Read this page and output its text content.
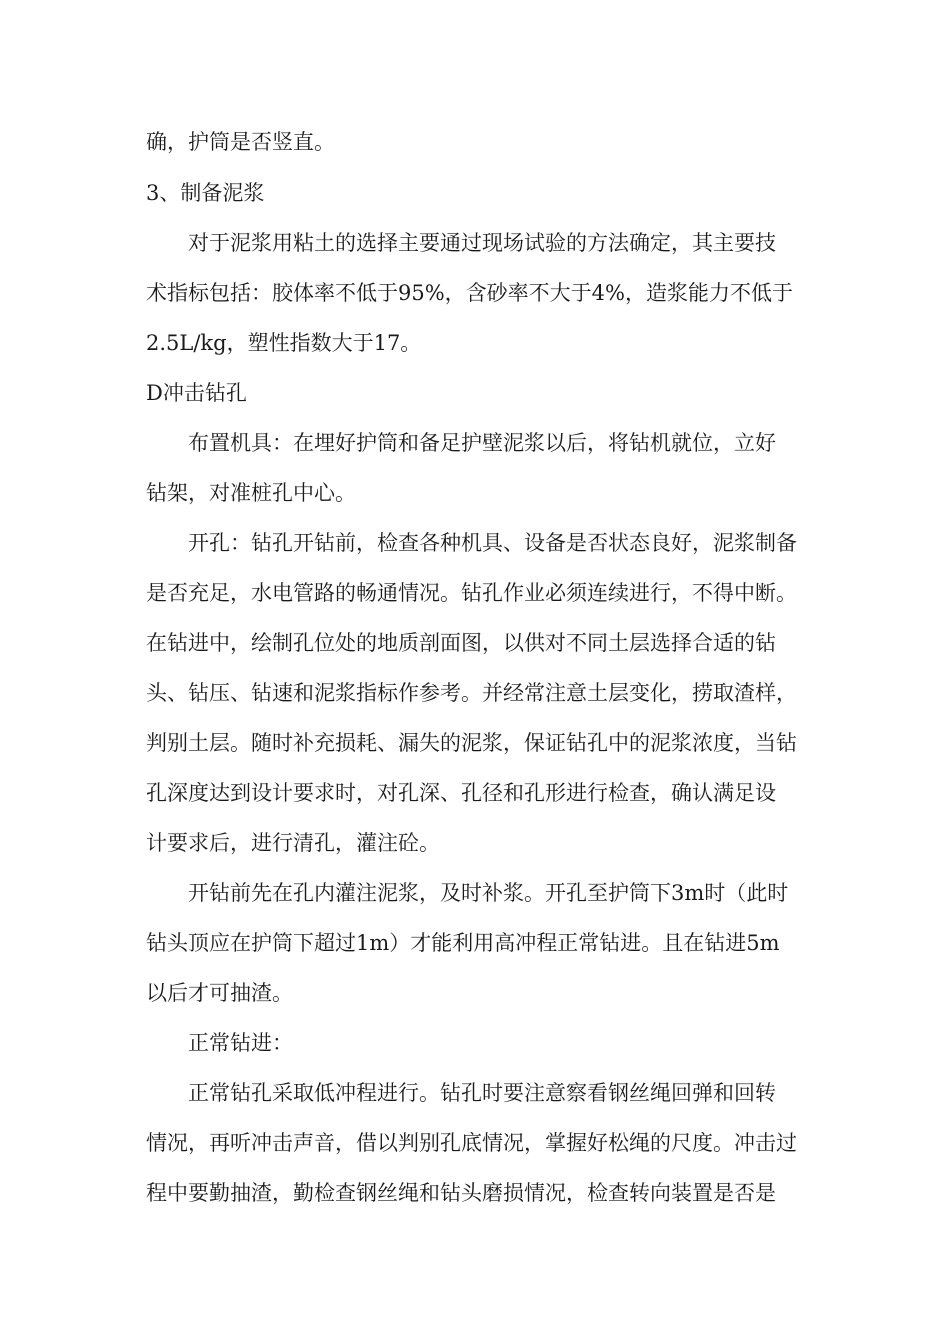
确，护筒是否竖直。
3、制备泥浆
对于泥浆用粘土的选择主要通过现场试验的方法确定，其主要技
术指标包括：胶体率不低于95%，含砂率不大于4%，造浆能力不低于
2.5L/kg，塑性指数大于17。
D冲击钻孔
布置机具：在埋好护筒和备足护壁泥浆以后，将钻机就位，立好
钻架，对准桩孔中心。
开孔：钻孔开钻前，检查各种机具、设备是否状态良好，泥浆制备
是否充足，水电管路的畅通情况。钻孔作业必须连续进行，不得中断。
在钻进中，绘制孔位处的地质剖面图，以供对不同土层选择合适的钻
头、钻压、钻速和泥浆指标作参考。并经常注意土层变化，捞取渣样，
判别土层。随时补充损耗、漏失的泥浆，保证钻孔中的泥浆浓度，当钻
孔深度达到设计要求时，对孔深、孔径和孔形进行检查，确认满足设
计要求后，进行清孔，灌注砼。
开钻前先在孔内灌注泥浆，及时补浆。开孔至护筒下3m时（此时
钻头顶应在护筒下超过1m）才能利用高冲程正常钻进。且在钻进5m
以后才可抽渣。
正常钻进：
正常钻孔采取低冲程进行。钻孔时要注意察看钢丝绳回弹和回转
情况，再听冲击声音，借以判别孔底情况，掌握好松绳的尺度。冲击过
程中要勤抽渣，勤检查钢丝绳和钻头磨损情况，检查转向装置是否是
